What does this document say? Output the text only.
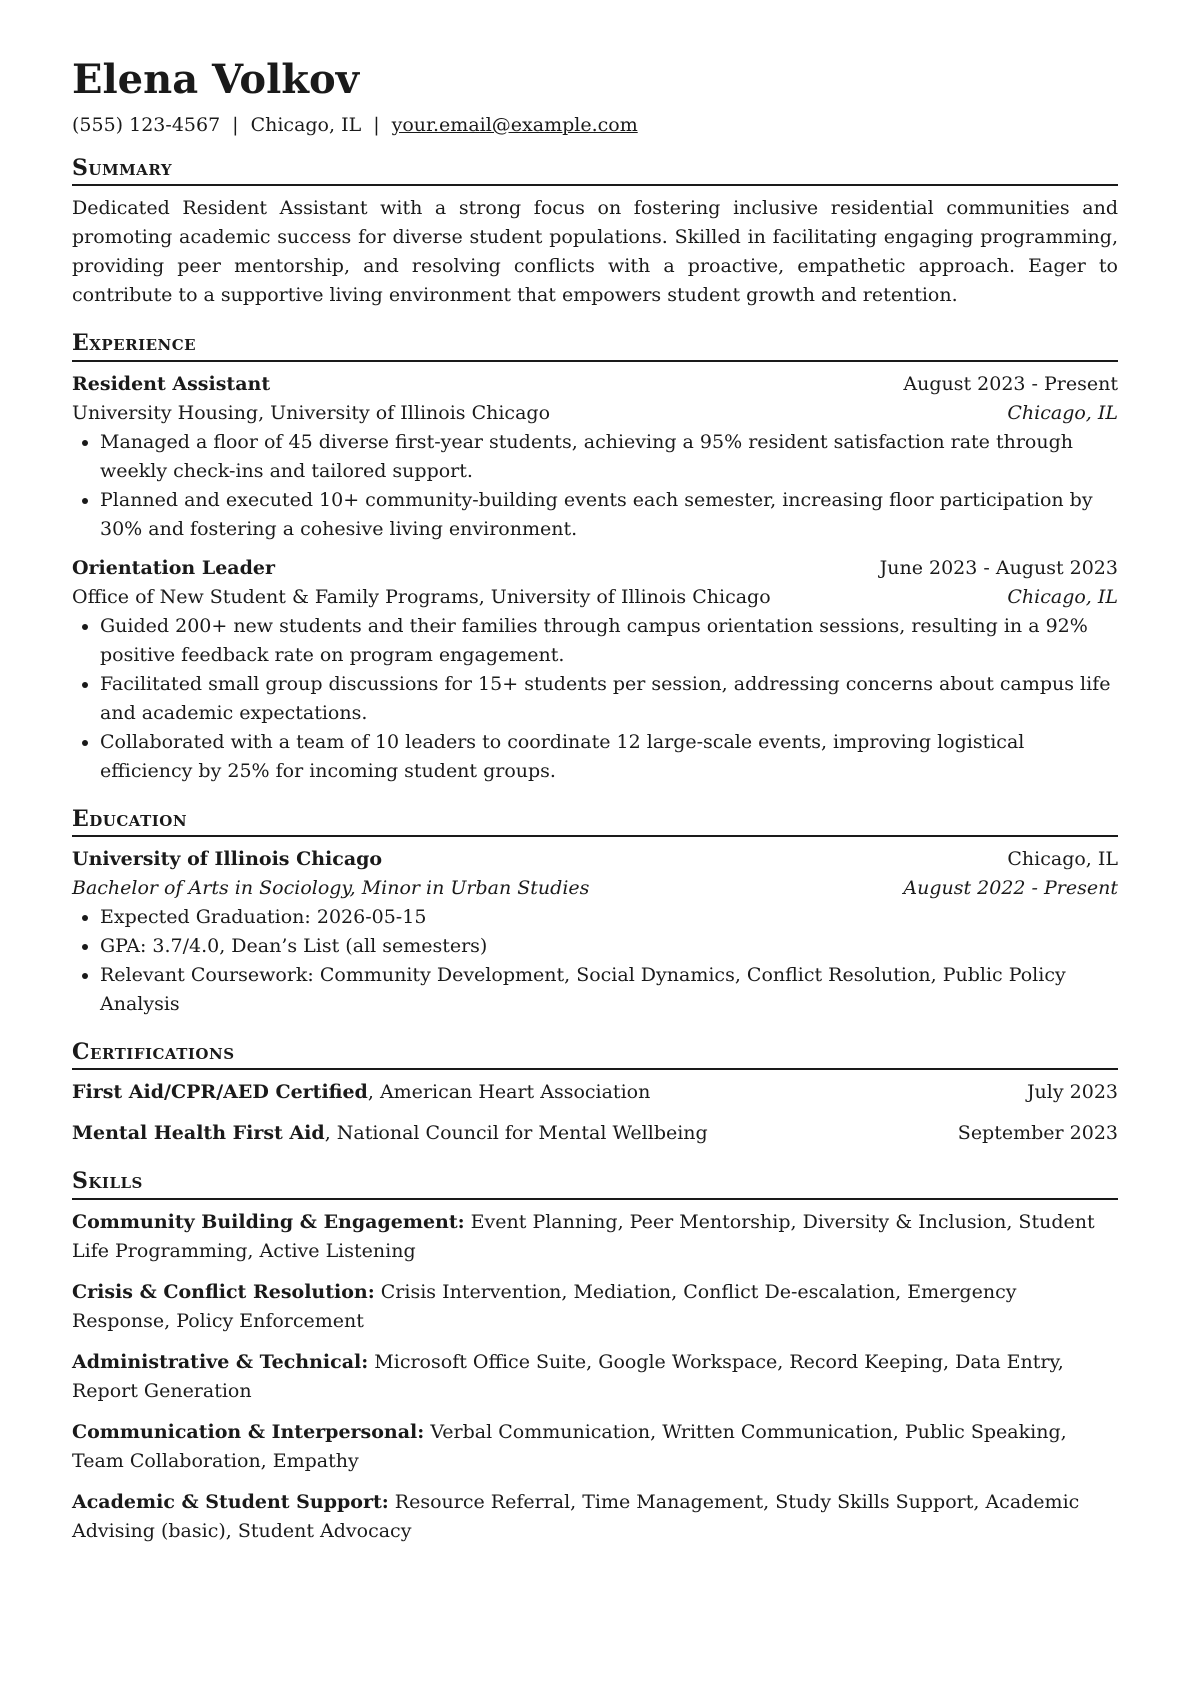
Elena Volkov
(555) 123-4567 | Chicago, IL | your.email@example.com
Summary

Dedicated Resident Assistant with a strong focus on fostering inclusive residential communities and promoting academic success for diverse student populations. Skilled in facilitating engaging programming, providing peer mentorship, and resolving conflicts with a proactive, empathetic approach. Eager to contribute to a supportive living environment that empowers student growth and retention.

Experience
Resident Assistant	August 2023 - Present
University Housing, University of Illinois Chicago	Chicago, IL
• Managed a floor of 45 diverse first-year students, achieving a 95% resident satisfaction rate through weekly check-ins and tailored support.
• Planned and executed 10+ community-building events each semester, increasing floor participation by 30% and fostering a cohesive living environment.
Orientation Leader	June 2023 - August 2023
Office of New Student & Family Programs, University of Illinois Chicago	Chicago, IL
• Guided 200+ new students and their families through campus orientation sessions, resulting in a 92% positive feedback rate on program engagement.
• Facilitated small group discussions for 15+ students per session, addressing concerns about campus life and academic expectations.
• Collaborated with a team of 10 leaders to coordinate 12 large-scale events, improving logistical efficiency by 25% for incoming student groups.
Education
University of Illinois Chicago	Chicago, IL
Bachelor of Arts in Sociology, Minor in Urban Studies	August 2022 - Present
• Expected Graduation: 2026-05-15
• GPA: 3.7/4.0, Dean’s List (all semesters)
• Relevant Coursework: Community Development, Social Dynamics, Conflict Resolution, Public Policy Analysis
Certifications
First Aid/CPR/AED Certified, American Heart Association	July 2023
Mental Health First Aid, National Council for Mental Wellbeing	September 2023
Skills

Community Building & Engagement: Event Planning, Peer Mentorship, Diversity & Inclusion, Student Life Programming, Active Listening

Crisis & Conflict Resolution: Crisis Intervention, Mediation, Conflict De-escalation, Emergency Response, Policy Enforcement

Administrative & Technical: Microsoft Office Suite, Google Workspace, Record Keeping, Data Entry, Report Generation

Communication & Interpersonal: Verbal Communication, Written Communication, Public Speaking, Team Collaboration, Empathy

Academic & Student Support: Resource Referral, Time Management, Study Skills Support, Academic Advising (basic), Student Advocacy
